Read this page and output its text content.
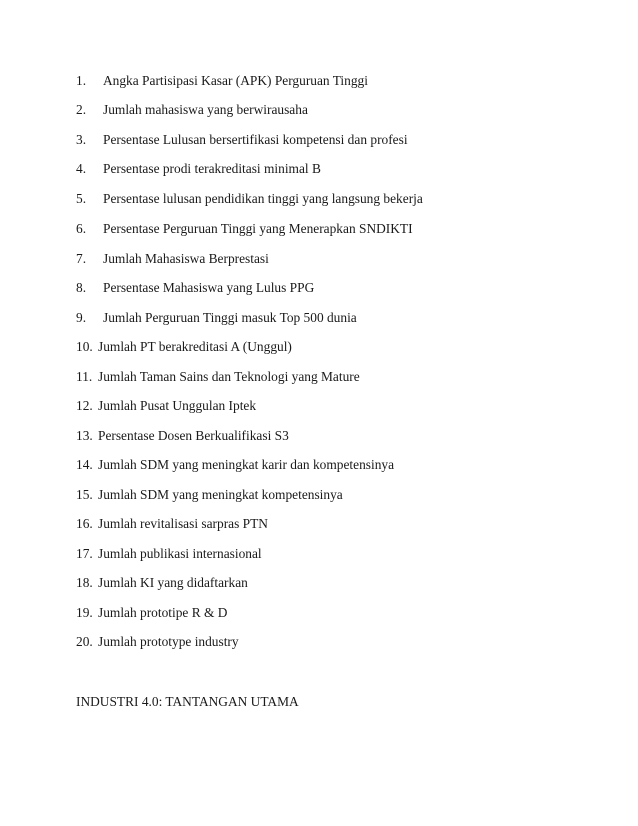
1. Angka Partisipasi Kasar (APK) Perguruan Tinggi
2. Jumlah mahasiswa yang berwirausaha
3. Persentase Lulusan bersertifikasi kompetensi dan profesi
4. Persentase prodi terakreditasi minimal B
5. Persentase lulusan pendidikan tinggi yang langsung bekerja
6. Persentase Perguruan Tinggi yang Menerapkan SNDIKTI
7. Jumlah Mahasiswa Berprestasi
8. Persentase Mahasiswa yang Lulus PPG
9. Jumlah Perguruan Tinggi masuk Top 500 dunia
10. Jumlah PT berakreditasi A (Unggul)
11. Jumlah Taman Sains dan Teknologi yang Mature
12. Jumlah Pusat Unggulan Iptek
13. Persentase Dosen Berkualifikasi S3
14. Jumlah SDM yang meningkat karir dan kompetensinya
15. Jumlah SDM yang meningkat kompetensinya
16. Jumlah revitalisasi sarpras PTN
17. Jumlah publikasi internasional
18. Jumlah KI yang didaftarkan
19. Jumlah prototipe R & D
20. Jumlah prototype industry
INDUSTRI 4.0: TANTANGAN UTAMA
